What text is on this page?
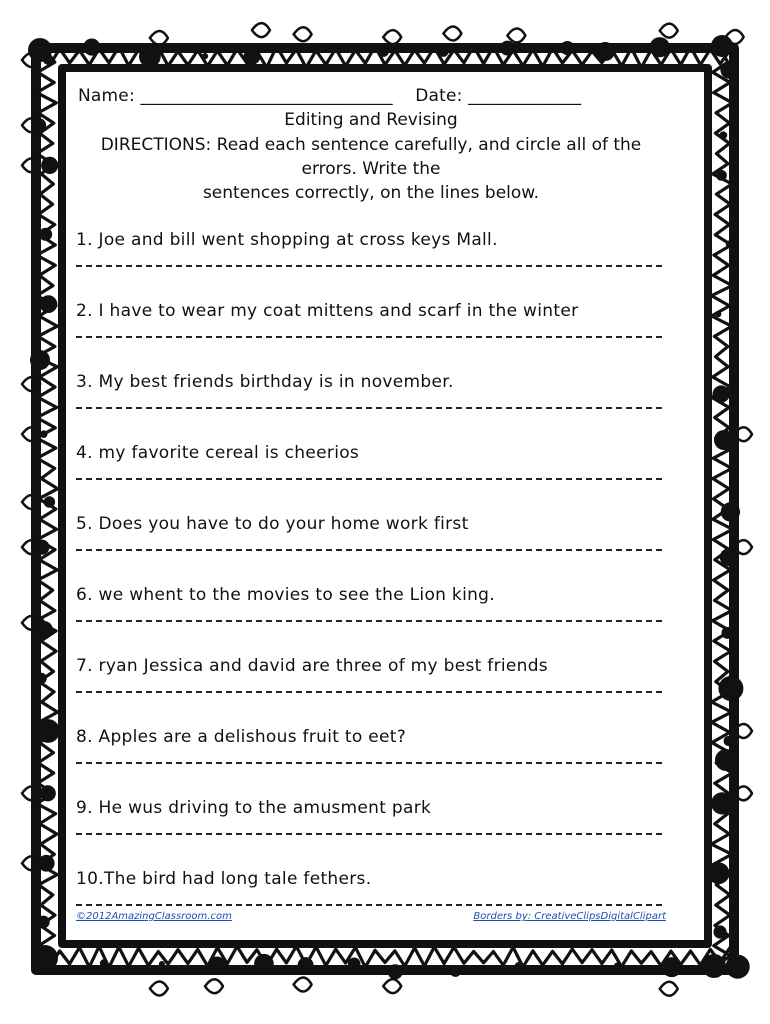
Name: _____________________________ Date: _____________
Editing and Revising
DIRECTIONS: Read each sentence carefully, and circle all of the errors. Write the
sentences correctly, on the lines below.
1. Joe and bill went shopping at cross keys Mall.
2. I have to wear my coat mittens and scarf in the winter
3. My best friends birthday is in november.
4. my favorite cereal is cheerios
5. Does you have to do your home work first
6. we whent to the movies to see the Lion king.
7. ryan Jessica and david are three of my best friends
8. Apples are a delishous fruit to eet?
9. He wus driving to the amusment park
10.The bird had long tale fethers.
©2012AmazingClassroom.com	Borders by: CreativeClipsDigitalClipart
